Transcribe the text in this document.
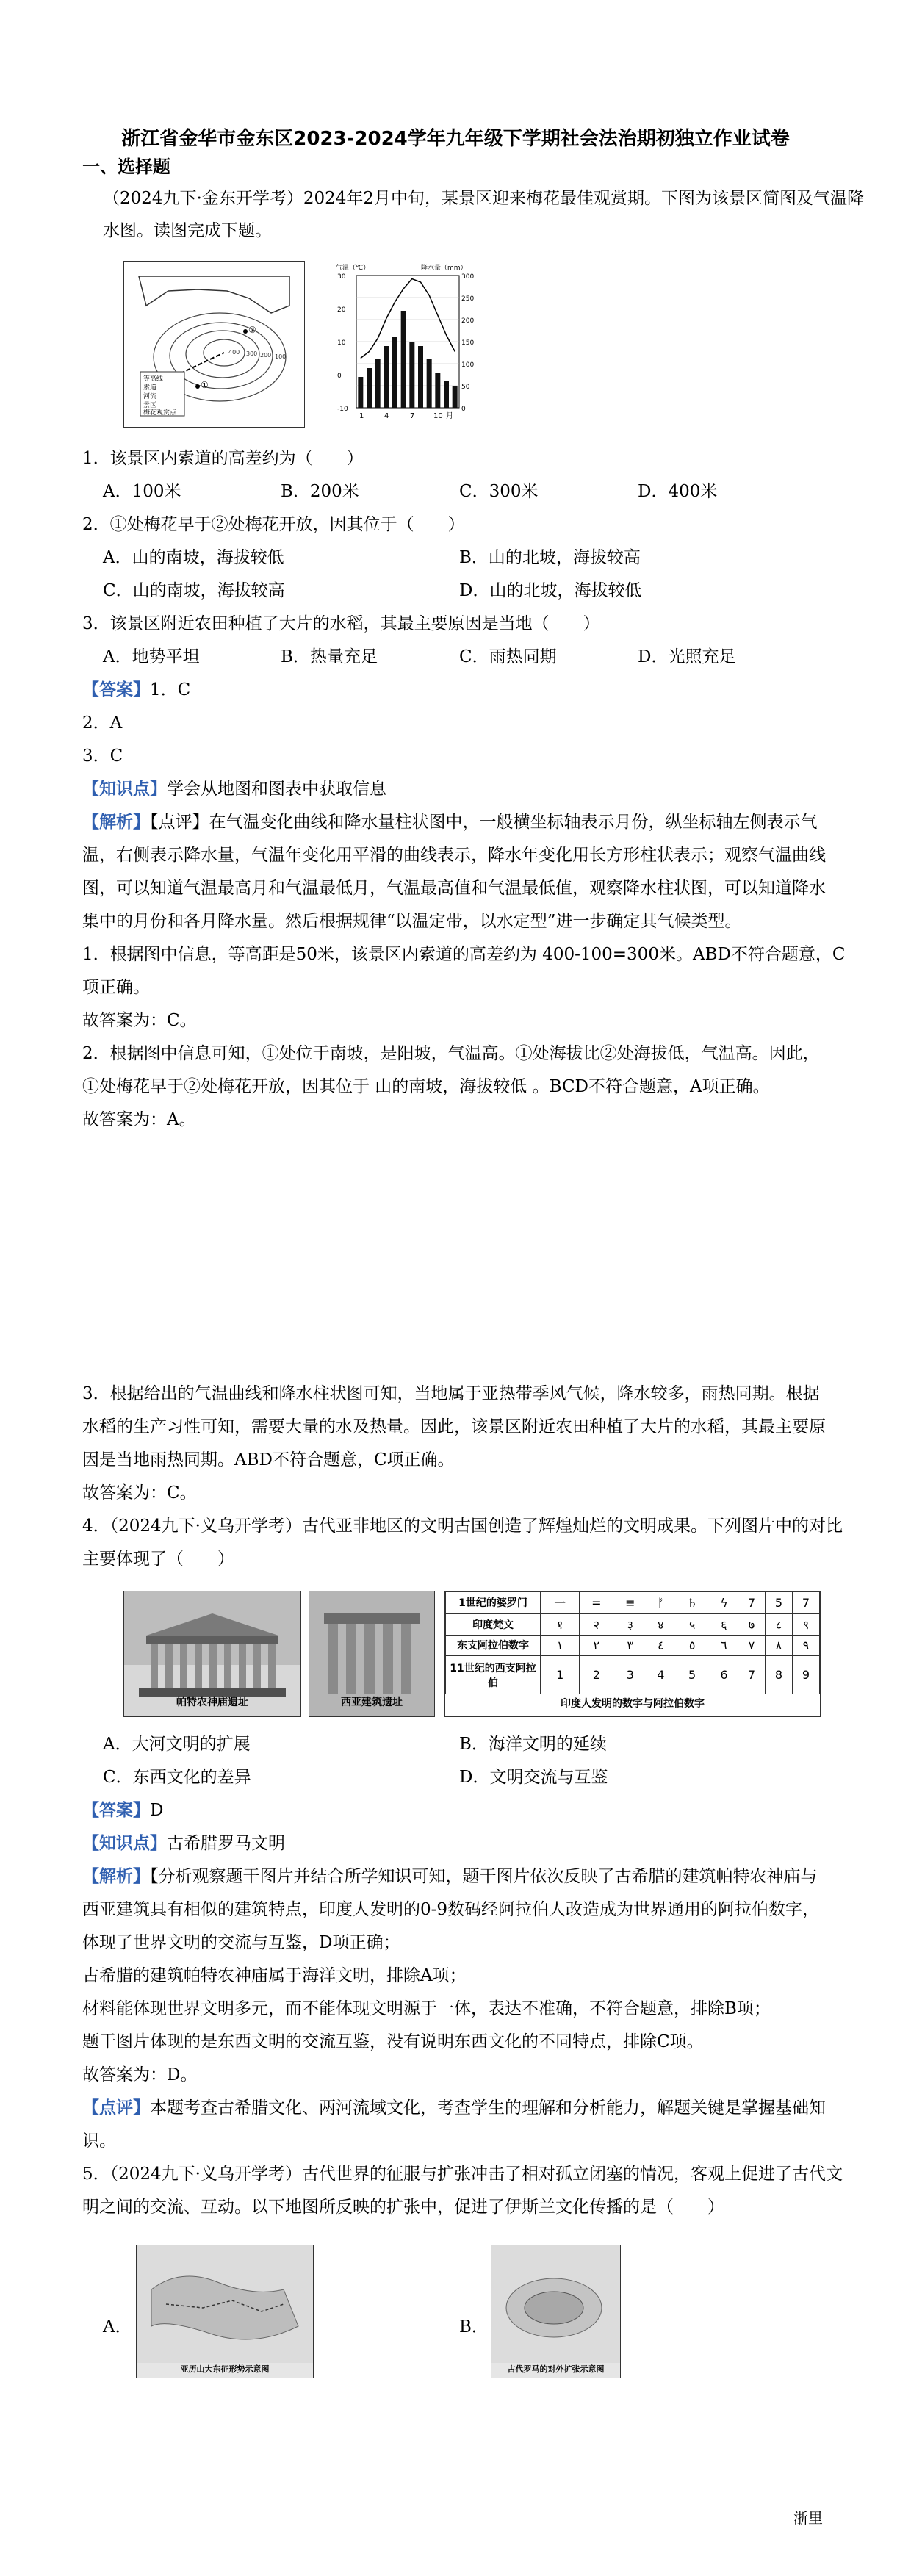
浙江省金华市金东区2023-2024学年九年级下学期社会法治期初独立作业试卷
一、选择题
（2024九下·金东开学考）2024年2月中旬，某景区迎来梅花最佳观赏期。下图为该景区简图及气温降
水图。读图完成下题。
等高线
索道
河流
景区
梅花观赏点
①
②
100
200
300
400
气温（℃）	降水量（mm）
30
20
10
0
-10
300
250
200
150
100
50
0
1	4	7	10 月
1．该景区内索道的高差约为（　　）
A．100米	B．200米	C．300米	D．400米
2．①处梅花早于②处梅花开放，因其位于（　　）
A．山的南坡，海拔较低	B．山的北坡，海拔较高
C．山的南坡，海拔较高	D．山的北坡，海拔较低
3．该景区附近农田种植了大片的水稻，其最主要原因是当地（　　）
A．地势平坦	B．热量充足	C．雨热同期	D．光照充足
【答案】1．C
2．A
3．C
【知识点】学会从地图和图表中获取信息
【解析】【点评】在气温变化曲线和降水量柱状图中，一般横坐标轴表示月份，纵坐标轴左侧表示气
温，右侧表示降水量，气温年变化用平滑的曲线表示，降水年变化用长方形柱状表示；观察气温曲线
图，可以知道气温最高月和气温最低月，气温最高值和气温最低值，观察降水柱状图，可以知道降水
集中的月份和各月降水量。然后根据规律“以温定带，以水定型”进一步确定其气候类型。
1．根据图中信息，等高距是50米，该景区内索道的高差约为 400-100=300米。ABD不符合题意，C
项正确。
故答案为：C。
2．根据图中信息可知，①处位于南坡，是阳坡，气温高。①处海拔比②处海拔低，气温高。因此，
①处梅花早于②处梅花开放，因其位于 山的南坡，海拔较低 。BCD不符合题意，A项正确。
故答案为：A。
3．根据给出的气温曲线和降水柱状图可知，当地属于亚热带季风气候，降水较多，雨热同期。根据
水稻的生产习性可知，需要大量的水及热量。因此，该景区附近农田种植了大片的水稻，其最主要原
因是当地雨热同期。ABD不符合题意，C项正确。
故答案为：C。
4．（2024九下·义乌开学考）古代亚非地区的文明古国创造了辉煌灿烂的文明成果。下列图片中的对比
主要体现了（　　）
帕特农神庙遗址	西亚建筑遗址
1世纪的婆罗门	一	=	≡	ᚠ	♄	ϟ	7	5	7
印度梵文	१	२	३	४	५	६	७	८	९
东支阿拉伯数字	١	٢	٣	٤	٥	٦	٧	٨	٩
11世纪的西支阿拉伯	1	2	3	4	5	6	7	8	9
印度人发明的数字与阿拉伯数字
A．大河文明的扩展	B．海洋文明的延续
C．东西文化的差异	D．文明交流与互鉴
【答案】D
【知识点】古希腊罗马文明
【解析】【分析观察题干图片并结合所学知识可知，题干图片依次反映了古希腊的建筑帕特农神庙与
西亚建筑具有相似的建筑特点，印度人发明的0-9数码经阿拉伯人改造成为世界通用的阿拉伯数字，
体现了世界文明的交流与互鉴，D项正确；
古希腊的建筑帕特农神庙属于海洋文明，排除A项；
材料能体现世界文明多元，而不能体现文明源于一体，表达不准确，不符合题意，排除B项；
题干图片体现的是东西文明的交流互鉴，没有说明东西文化的不同特点，排除C项。
故答案为：D。
【点评】本题考查古希腊文化、两河流域文化，考查学生的理解和分析能力，解题关键是掌握基础知
识。
5．（2024九下·义乌开学考）古代世界的征服与扩张冲击了相对孤立闭塞的情况，客观上促进了古代文
明之间的交流、互动。以下地图所反映的扩张中，促进了伊斯兰文化传播的是（　　）
A．
亚历山大东征形势示意图
B．
古代罗马的对外扩张示意图
浙里
